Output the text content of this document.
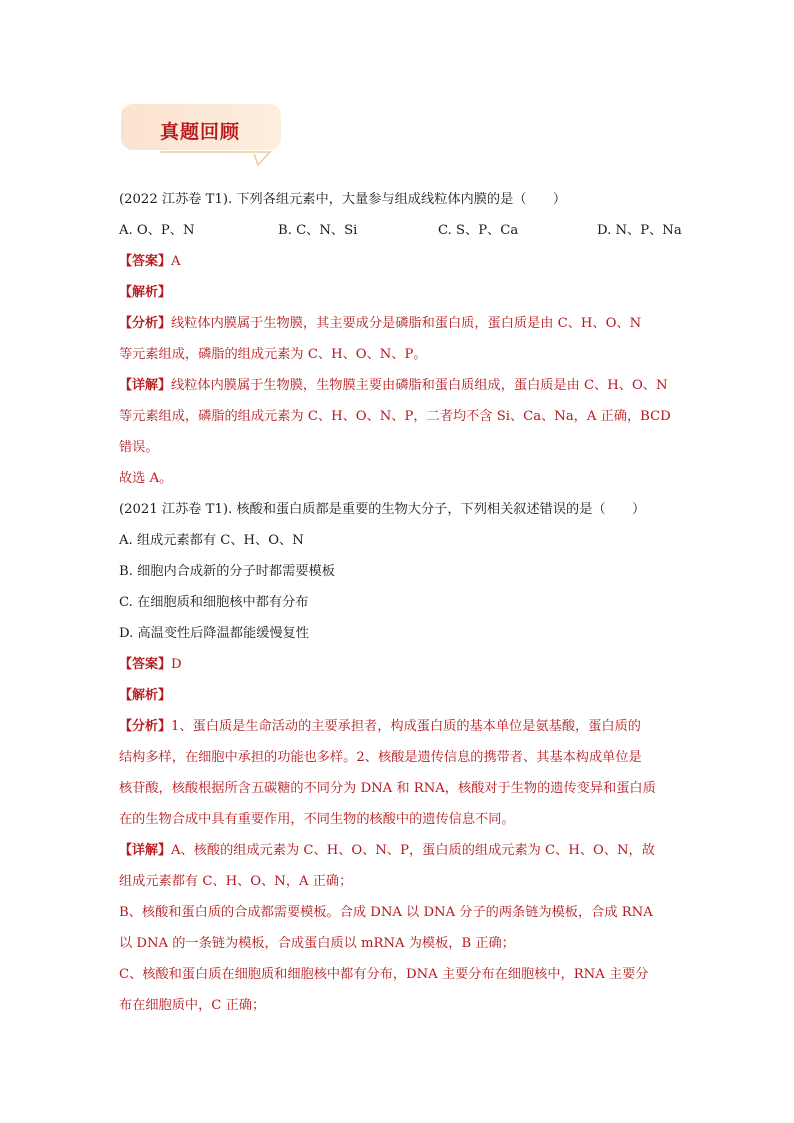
真题回顾
(2022 江苏卷 T1). 下列各组元素中，大量参与组成线粒体内膜的是（　　）
A. O、P、N	B. C、N、Si	C. S、P、Ca	D. N、P、Na
【答案】A
【解析】
【分析】线粒体内膜属于生物膜，其主要成分是磷脂和蛋白质，蛋白质是由 C、H、O、N
等元素组成，磷脂的组成元素为 C、H、O、N、P。
【详解】线粒体内膜属于生物膜，生物膜主要由磷脂和蛋白质组成，蛋白质是由 C、H、O、N
等元素组成，磷脂的组成元素为 C、H、O、N、P，二者均不含 Si、Ca、Na，A 正确，BCD
错误。
故选 A。
(2021 江苏卷 T1). 核酸和蛋白质都是重要的生物大分子，下列相关叙述错误的是（　　）
A. 组成元素都有 C、H、O、N
B. 细胞内合成新的分子时都需要模板
C. 在细胞质和细胞核中都有分布
D. 高温变性后降温都能缓慢复性
【答案】D
【解析】
【分析】1、蛋白质是生命活动的主要承担者，构成蛋白质的基本单位是氨基酸，蛋白质的
结构多样，在细胞中承担的功能也多样。2、核酸是遗传信息的携带者、其基本构成单位是
核苷酸，核酸根据所含五碳糖的不同分为 DNA 和 RNA，核酸对于生物的遗传变异和蛋白质
在的生物合成中具有重要作用，不同生物的核酸中的遗传信息不同。
【详解】A、核酸的组成元素为 C、H、O、N、P，蛋白质的组成元素为 C、H、O、N，故
组成元素都有 C、H、O、N，A 正确；
B、核酸和蛋白质的合成都需要模板。合成 DNA 以 DNA 分子的两条链为模板，合成 RNA
以 DNA 的一条链为模板，合成蛋白质以 mRNA 为模板，B 正确；
C、核酸和蛋白质在细胞质和细胞核中都有分布，DNA 主要分布在细胞核中，RNA 主要分
布在细胞质中，C 正确；
